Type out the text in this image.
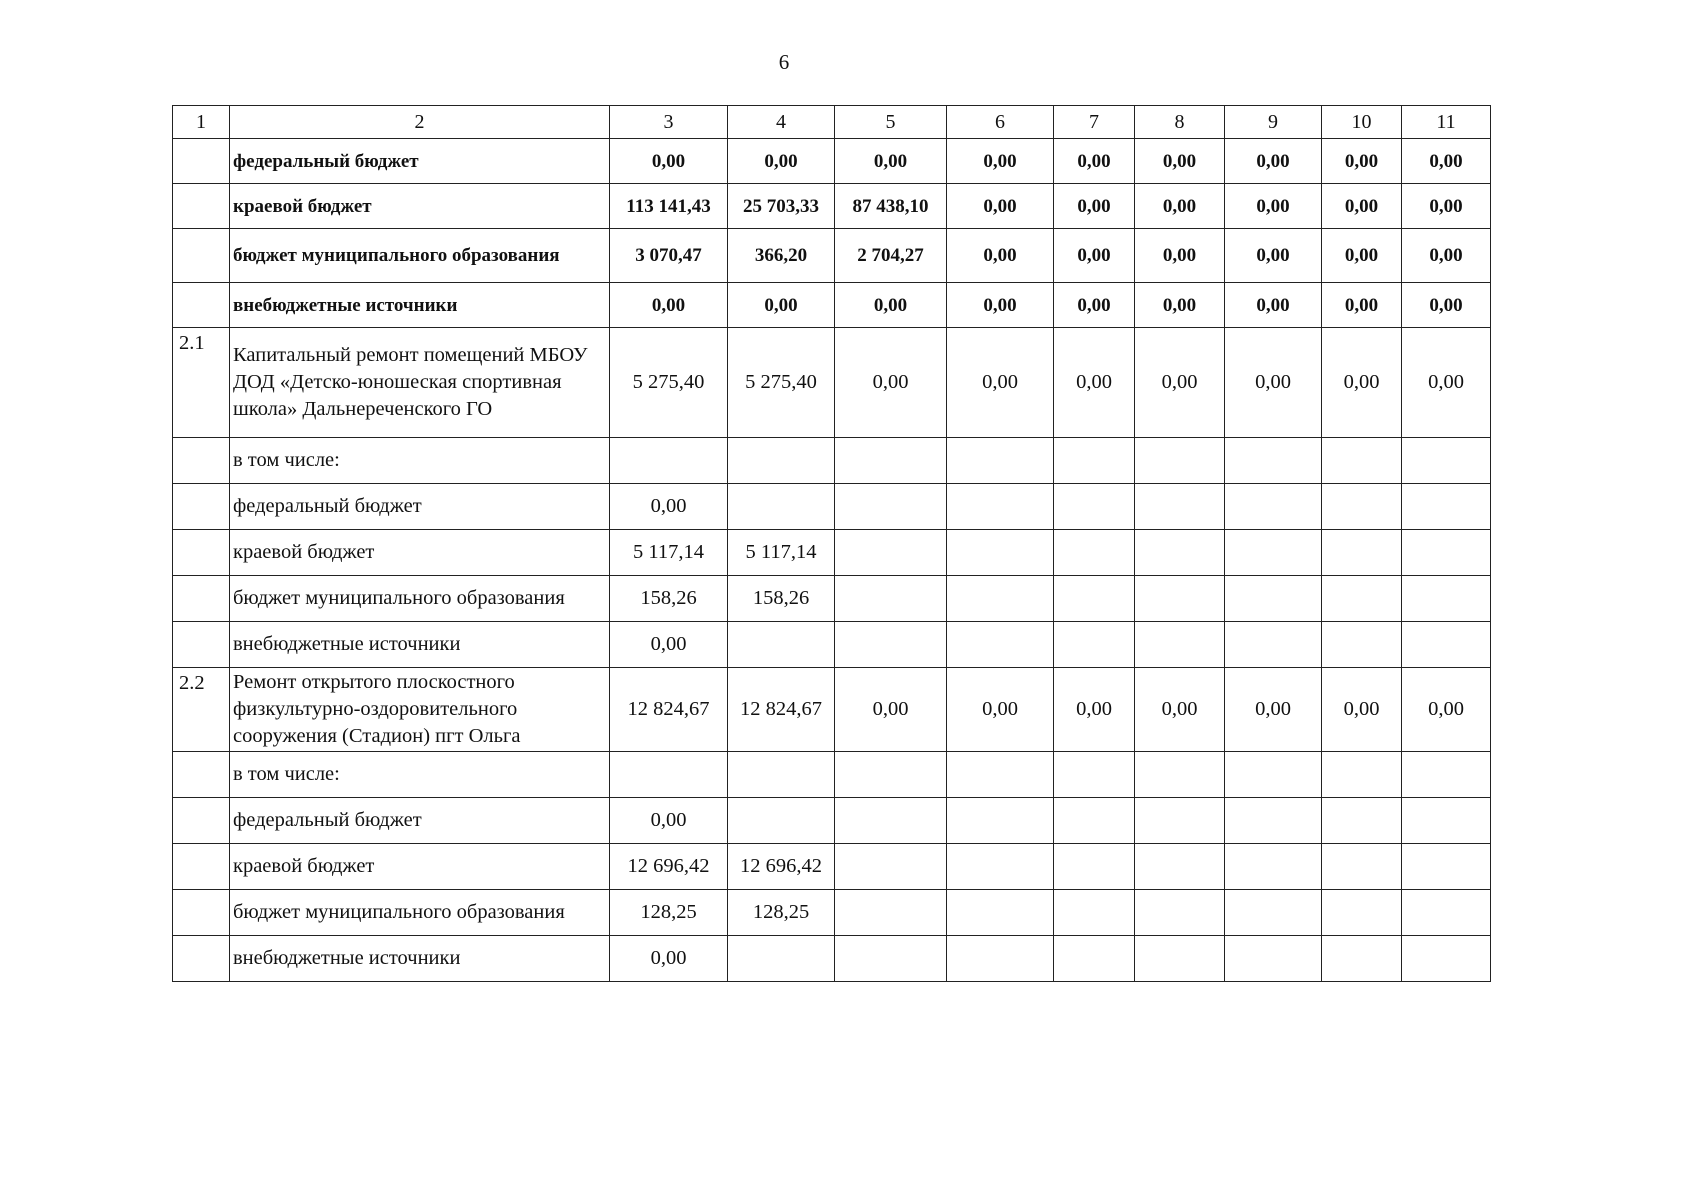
6
1	2	3	4	5	6	7	8	9	10	11
	федеральный бюджет	0,00	0,00	0,00	0,00	0,00	0,00	0,00	0,00	0,00
	краевой бюджет	113 141,43	25 703,33	87 438,10	0,00	0,00	0,00	0,00	0,00	0,00
	бюджет муниципального образования	3 070,47	366,20	2 704,27	0,00	0,00	0,00	0,00	0,00	0,00
	внебюджетные источники	0,00	0,00	0,00	0,00	0,00	0,00	0,00	0,00	0,00
2.1	Капитальный ремонт помещений МБОУ ДОД «Детско-юношеская спортивная школа» Дальнереченского ГО	5 275,40	5 275,40	0,00	0,00	0,00	0,00	0,00	0,00	0,00
	в том числе:									
	федеральный бюджет	0,00								
	краевой бюджет	5 117,14	5 117,14							
	бюджет муниципального образования	158,26	158,26							
	внебюджетные источники	0,00								
2.2	Ремонт открытого плоскостного физкультурно-оздоровительного сооружения (Стадион) пгт Ольга	12 824,67	12 824,67	0,00	0,00	0,00	0,00	0,00	0,00	0,00
	в том числе:									
	федеральный бюджет	0,00								
	краевой бюджет	12 696,42	12 696,42							
	бюджет муниципального образования	128,25	128,25							
	внебюджетные источники	0,00								
